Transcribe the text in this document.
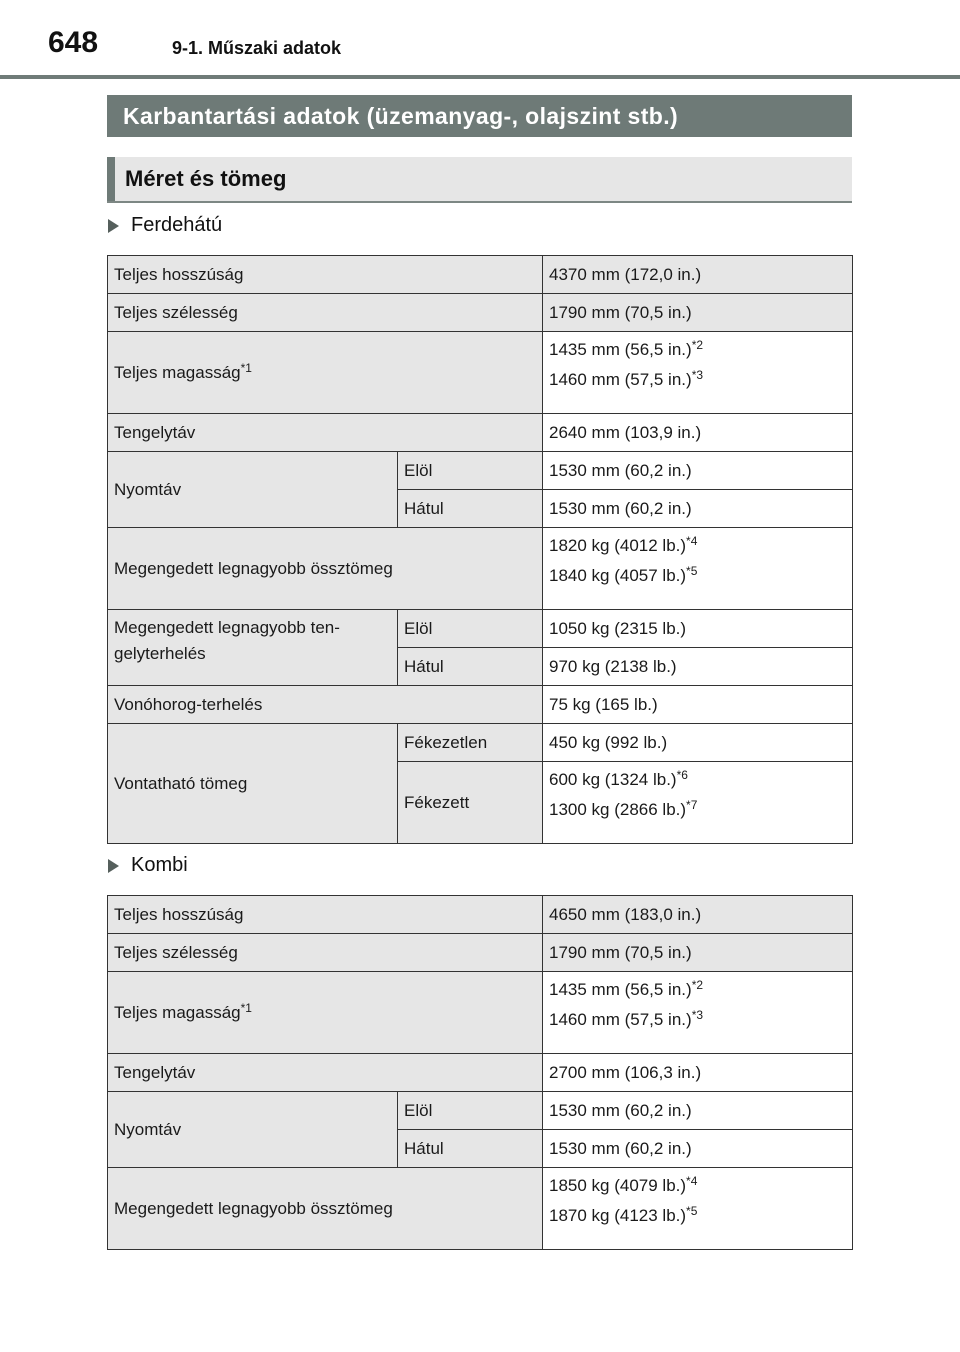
648	9-1. Műszaki adatok
Karbantartási adatok (üzemanyag-, olajszint stb.)
Méret és tömeg
Ferdehátú
Teljes hosszúság		4370 mm (172,0 in.)
Teljes szélesség		1790 mm (70,5 in.)
Teljes magasság$^{*1}$		1435 mm (56,5 in.)$^{*2}$
1460 mm (57,5 in.)$^{*3}$

Tengelytáv		2640 mm (103,9 in.)
Nyomtáv	Elöl	1530 mm (60,2 in.)
	Hátul	1530 mm (60,2 in.)
Megengedett legnagyobb össztömeg		1820 kg (4012 lb.)$^{*4}$
1840 kg (4057 lb.)$^{*5}$

Megengedett legnagyobb ten-
gelyterhelés	Elöl	1050 kg (2315 lb.)
	Hátul	970 kg (2138 lb.)
Vonóhorog-terhelés		75 kg (165 lb.)
Vontatható tömeg	Fékezetlen	450 kg (992 lb.)
	Fékezett	600 kg (1324 lb.)$^{*6}$
1300 kg (2866 lb.)$^{*7}$
Kombi
Teljes hosszúság		4650 mm (183,0 in.)
Teljes szélesség		1790 mm (70,5 in.)
Teljes magasság$^{*1}$		1435 mm (56,5 in.)$^{*2}$
1460 mm (57,5 in.)$^{*3}$

Tengelytáv		2700 mm (106,3 in.)
Nyomtáv	Elöl	1530 mm (60,2 in.)
	Hátul	1530 mm (60,2 in.)
Megengedett legnagyobb össztömeg		1850 kg (4079 lb.)$^{*4}$
1870 kg (4123 lb.)$^{*5}$
